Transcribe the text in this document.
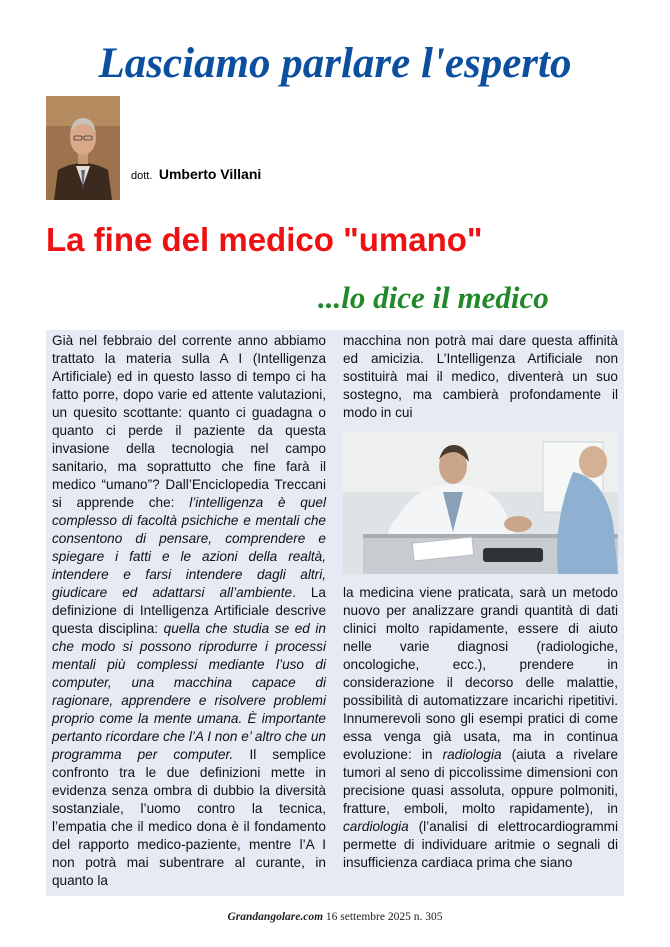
Lasciamo parlare l'esperto
dott. Umberto Villani
La fine del medico "umano"
...lo dice il medico

Già nel febbraio del corrente anno abbiamo trattato la materia sulla A I (Intelligenza Artificiale) ed in questo lasso di tempo ci ha fatto porre, dopo varie ed attente valutazioni, un quesito scottante: quanto ci guadagna o quanto ci perde il paziente da questa invasione della tecnologia nel campo sanitario, ma soprattutto che fine farà il medico “umano”? Dall’Enciclopedia Treccani si apprende che: l’intelligenza è quel complesso di facoltà psichiche e mentali che consentono di pensare, comprendere e spiegare i fatti e le azioni della realtà, intendere e farsi intendere dagli altri, giudicare ed adattarsi all’ambiente. La definizione di Intelligenza Artificiale descrive questa disciplina: quella che studia se ed in che modo si possono riprodurre i processi mentali più complessi mediante l’uso di computer, una macchina capace di ragionare, apprendere e risolvere problemi proprio come la mente umana. È importante pertanto ricordare che l’A I non e’ altro che un programma per computer. Il semplice confronto tra le due definizioni mette in evidenza senza ombra di dubbio la diversità sostanziale, l’uomo contro la tecnica, l’empatia che il medico dona è il fondamento del rapporto medico-paziente, mentre l’A I non potrà mai subentrare al curante, in quanto la

macchina non potrà mai dare questa affinità ed amicizia. L’Intelligenza Artificiale non sostituirà mai il medico, diventerà un suo sostegno, ma cambierà profondamente il modo in cui

la medicina viene praticata, sarà un metodo nuovo per analizzare grandi quantità di dati clinici molto rapidamente, essere di aiuto nelle varie diagnosi (radiologiche, oncologiche, ecc.), prendere in considerazione il decorso delle malattie, possibilità di automatizzare incarichi ripetitivi. Innumerevoli sono gli esempi pratici di come essa venga già usata, ma in continua evoluzione: in radiologia (aiuta a rivelare tumori al seno di piccolissime dimensioni con precisione quasi assoluta, oppure polmoniti, fratture, emboli, molto rapidamente), in cardiologia (l’analisi di elettrocardiogrammi permette di individuare aritmie o segnali di insufficienza cardiaca prima che siano

Grandangolare.com 16 settembre 2025 n. 305
